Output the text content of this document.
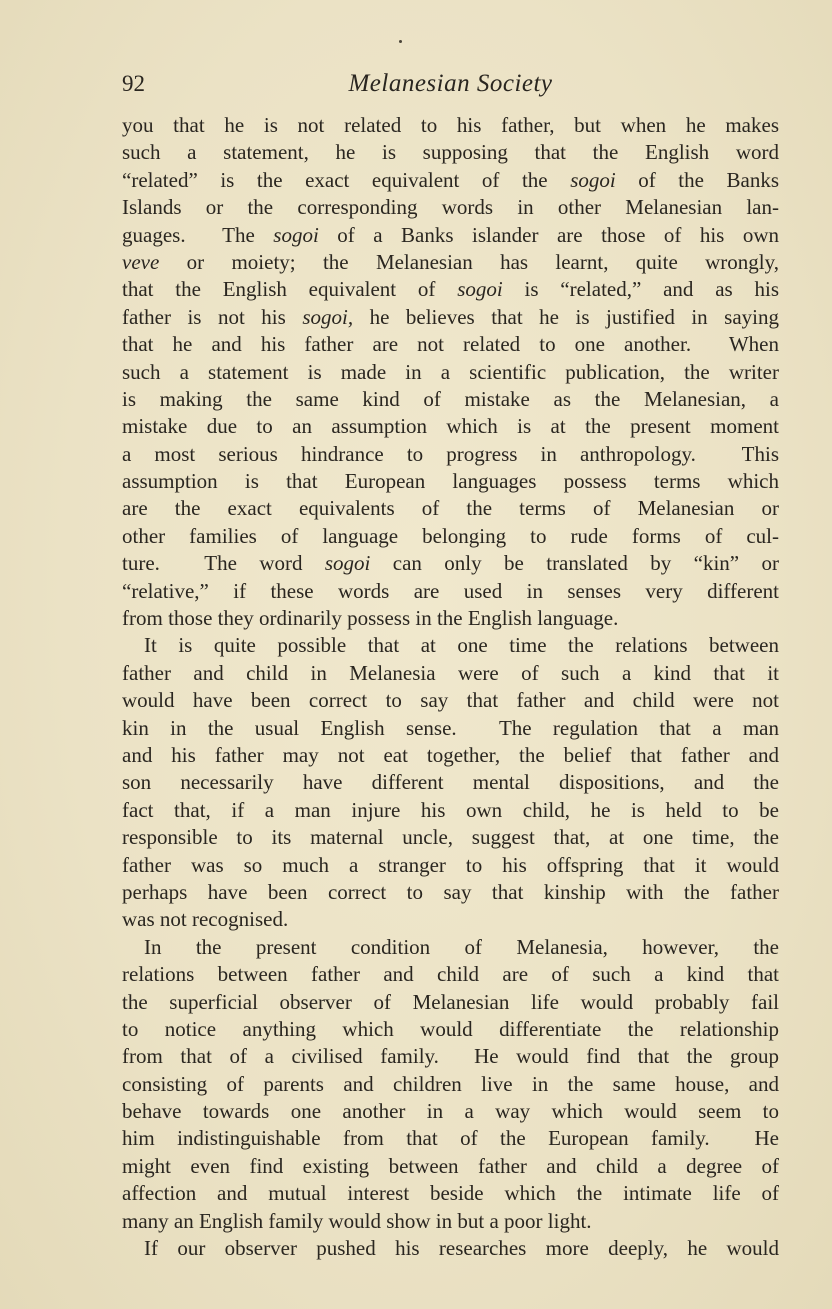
92	Melanesian Society
you that he is not related to his father, but when he makes
such a statement, he is supposing that the English word
“related” is the exact equivalent of the sogoi of the Banks
Islands or the corresponding words in other Melanesian lan-
guages.  The sogoi of a Banks islander are those of his own
veve or moiety; the Melanesian has learnt, quite wrongly,
that the English equivalent of sogoi is “related,” and as his
father is not his sogoi, he believes that he is justified in saying
that he and his father are not related to one another.  When
such a statement is made in a scientific publication, the writer
is making the same kind of mistake as the Melanesian, a
mistake due to an assumption which is at the present moment
a most serious hindrance to progress in anthropology.  This
assumption is that European languages possess terms which
are the exact equivalents of the terms of Melanesian or
other families of language belonging to rude forms of cul-
ture.  The word sogoi can only be translated by “kin” or
“relative,” if these words are used in senses very different
from those they ordinarily possess in the English language.
It is quite possible that at one time the relations between
father and child in Melanesia were of such a kind that it
would have been correct to say that father and child were not
kin in the usual English sense.  The regulation that a man
and his father may not eat together, the belief that father and
son necessarily have different mental dispositions, and the
fact that, if a man injure his own child, he is held to be
responsible to its maternal uncle, suggest that, at one time, the
father was so much a stranger to his offspring that it would
perhaps have been correct to say that kinship with the father
was not recognised.
In the present condition of Melanesia, however, the
relations between father and child are of such a kind that
the superficial observer of Melanesian life would probably fail
to notice anything which would differentiate the relationship
from that of a civilised family.  He would find that the group
consisting of parents and children live in the same house, and
behave towards one another in a way which would seem to
him indistinguishable from that of the European family.  He
might even find existing between father and child a degree of
affection and mutual interest beside which the intimate life of
many an English family would show in but a poor light.
If our observer pushed his researches more deeply, he would
